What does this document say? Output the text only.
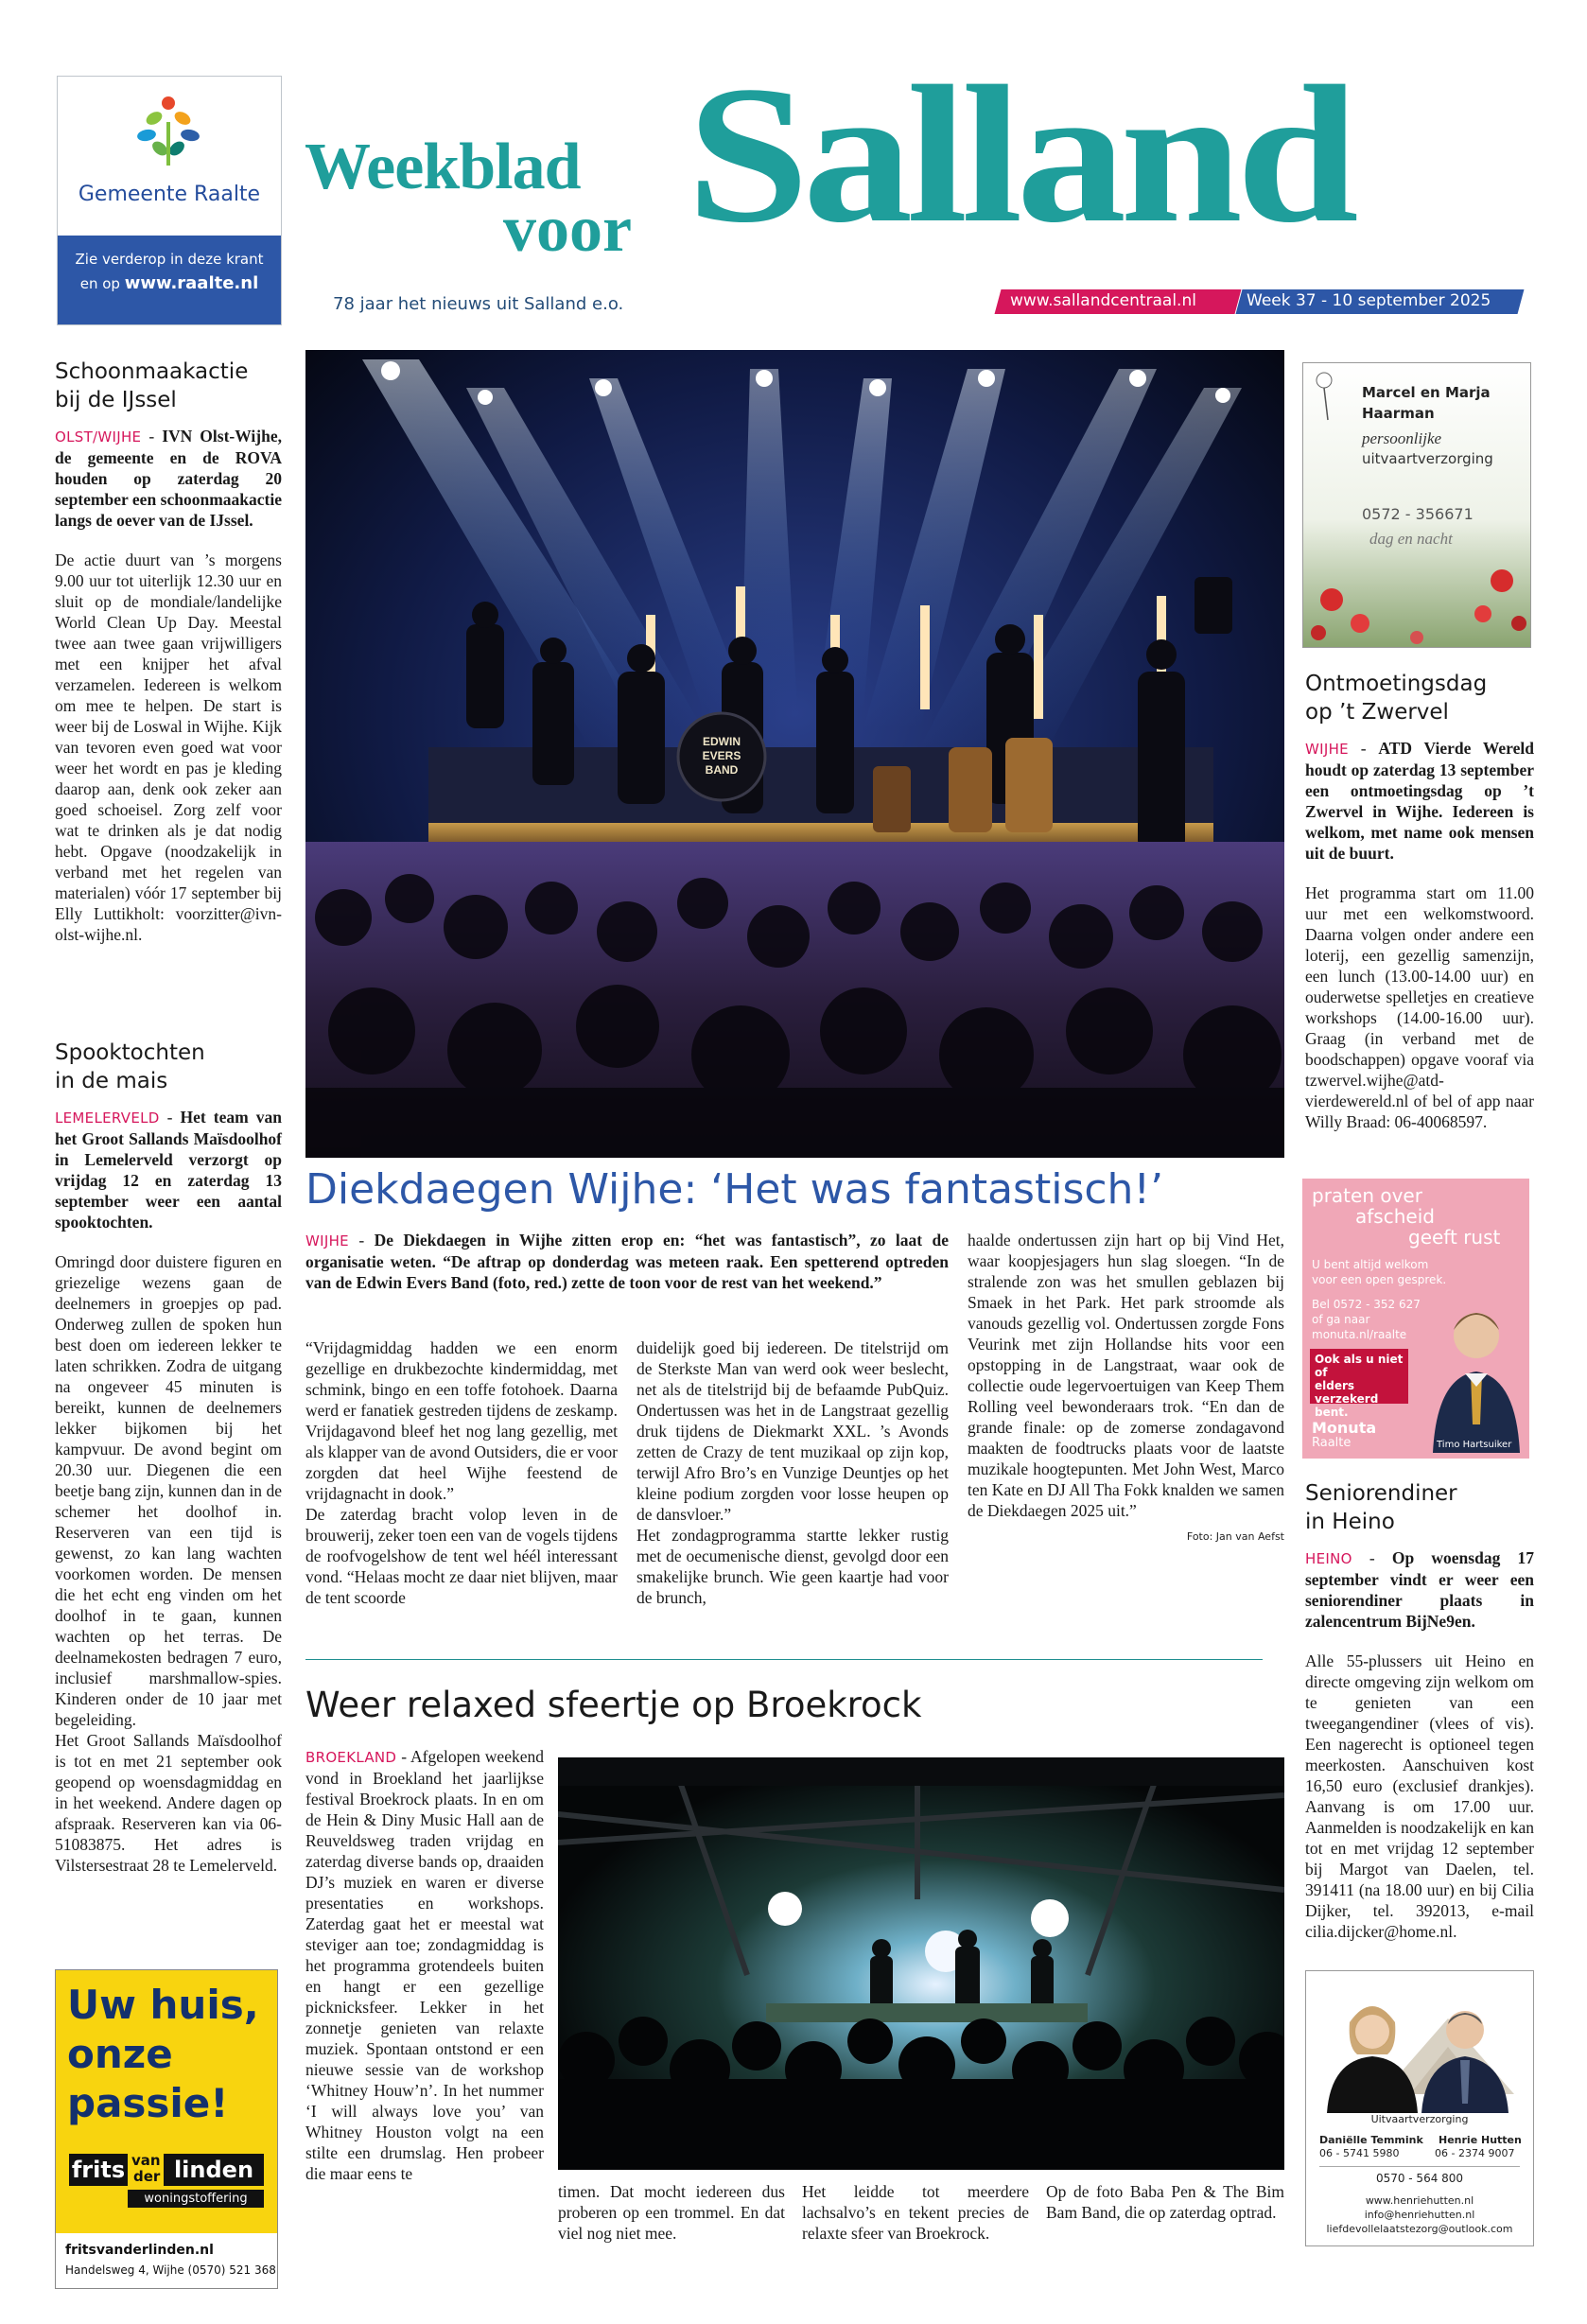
Gemeente Raalte
Zie verderop in deze krant
en op www.raalte.nl
Weekblad
voor Salland
78 jaar het nieuws uit Salland e.o.	www.sallandcentraal.nl	Week 37 - 10 september 2025
Schoonmaakactie bij de IJssel

OLST/WIJHE - IVN Olst-Wijhe, de gemeente en de ROVA houden op zaterdag 20 september een schoonmaakactie langs de oever van de IJssel.

De actie duurt van ’s morgens 9.00 uur tot uiterlijk 12.30 uur en sluit op de mondiale/landelijke World Clean Up Day. Meestal twee aan twee gaan vrijwilligers met een knijper het afval verzamelen. Iedereen is welkom om mee te helpen. De start is weer bij de Loswal in Wijhe. Kijk van tevoren even goed wat voor weer het wordt en pas je kleding daarop aan, denk ook zeker aan goed schoeisel. Zorg zelf voor wat te drinken als je dat nodig hebt. Opgave (noodzakelijk in verband met het regelen van materialen) vóór 17 september bij Elly Luttikholt: voorzitter@ivn-olst-wijhe.nl.

Spooktochten in de mais

LEMELERVELD - Het team van het Groot Sallands Maïsdoolhof in Lemelerveld verzorgt op vrijdag 12 en zaterdag 13 september weer een aantal spooktochten.

Omringd door duistere figuren en griezelige wezens gaan de deelnemers in groepjes op pad. Onderweg zullen de spoken hun best doen om iedereen lekker te laten schrikken. Zodra de uitgang na ongeveer 45 minuten is bereikt, kunnen de deelnemers lekker bijkomen bij het kampvuur. De avond begint om 20.30 uur. Diegenen die een beetje bang zijn, kunnen dan in de schemer het doolhof in. Reserveren van een tijd is gewenst, zo kan lang wachten voorkomen worden. De mensen die het echt eng vinden om het doolhof in te gaan, kunnen wachten op het terras. De deelnamekosten bedragen 7 euro, inclusief marshmallow-spies. Kinderen onder de 10 jaar met begeleiding.

Het Groot Sallands Maïsdoolhof is tot en met 21 september ook geopend op woensdagmiddag en in het weekend. Andere dagen op afspraak. Reserveren kan via 06-51083875. Het adres is Vilstersestraat 28 te Lemelerveld.

Uw huis,
onze
passie!
frits van
der linden
woningstoffering
fritsvanderlinden.nl
Handelsweg 4, Wijhe (0570) 521 368
EDWIN
EVERS
BAND
Diekdaegen Wijhe: ‘Het was fantastisch!’

WIJHE - De Diekdaegen in Wijhe zitten erop en: “het was fantastisch”, zo laat de organisatie weten. “De aftrap op donderdag was meteen raak. Een spetterend optreden van de Edwin Evers Band (foto, red.) zette de toon voor de rest van het weekend.”

“Vrijdagmiddag hadden we een enorm gezellige en drukbezochte kindermiddag, met schmink, bingo en een toffe fotohoek. Daarna werd er fanatiek gestreden tijdens de zeskamp. Vrijdagavond bleef het nog lang gezellig, met als klapper van de avond Outsiders, die er voor zorgden dat heel Wijhe feestend de vrijdagnacht in dook.”

De zaterdag bracht volop leven in de brouwerij, zeker toen een van de vogels tijdens de roofvogelshow de tent wel héél interessant vond. “Helaas mocht ze daar niet blijven, maar de tent scoorde

duidelijk goed bij iedereen. De titelstrijd om de Sterkste Man van werd ook weer beslecht, net als de titelstrijd bij de befaamde PubQuiz. Ondertussen was het in de Langstraat gezellig druk tijdens de Diekmarkt XXL. ’s Avonds zetten de Crazy de tent muzikaal op zijn kop, terwijl Afro Bro’s en Vunzige Deuntjes op het kleine podium zorgden voor losse heupen op de dansvloer.”

Het zondagprogramma startte lekker rustig met de oecumenische dienst, gevolgd door een smakelijke brunch. Wie geen kaartje had voor de brunch,

haalde ondertussen zijn hart op bij Vind Het, waar koopjesjagers hun slag sloegen. “In de stralende zon was het smullen geblazen bij Smaek in het Park. Het park stroomde als vanouds gezellig vol. Ondertussen zorgde Fons Veurink met zijn Hollandse hits voor een opstopping in de Langstraat, waar ook de collectie oude legervoertuigen van Keep Them Rolling veel bewonderaars trok. “En dan de grande finale: op de zomerse zondagavond maakten de foodtrucks plaats voor de laatste muzikale hoogtepunten. Met John West, Marco ten Kate en DJ All Tha Fokk knalden we samen de Diekdaegen 2025 uit.”

Foto: Jan van Aefst
Weer relaxed sfeertje op Broekrock

BROEKLAND - Afgelopen weekend vond in Broekland het jaarlijkse festival Broekrock plaats. In en om de Hein & Diny Music Hall aan de Reuveldsweg traden vrijdag en zaterdag diverse bands op, draaiden DJ’s muziek en waren er diverse presentaties en workshops. Zaterdag gaat het er meestal wat steviger aan toe; zondagmiddag is het programma grotendeels buiten en hangt er een gezellige picknicksfeer. Lekker in het zonnetje genieten van relaxte muziek. Spontaan ontstond er een nieuwe sessie van de workshop ‘Whitney Houw’n’. In het nummer ‘I will always love you’ van Whitney Houston volgt na een stilte een drumslag. Hen probeer die maar eens te

timen. Dat mocht iedereen dus proberen op een trommel. En dat viel nog niet mee.

Het leidde tot meerdere lachsalvo’s en tekent precies de relaxte sfeer van Broekrock.

Op de foto Baba Pen & The Bim Bam Band, die op zaterdag optrad.

Marcel en Marja
Haarman
persoonlijke
uitvaartverzorging
0572 - 356671
dag en nacht
Ontmoetingsdag op ’t Zwervel

WIJHE - ATD Vierde Wereld houdt op zaterdag 13 september een ontmoetingsdag op ’t Zwervel in Wijhe. Iedereen is welkom, met name ook mensen uit de buurt.

Het programma start om 11.00 uur met een welkomstwoord. Daarna volgen onder andere een loterij, een gezellig samenzijn, een lunch (13.00-14.00 uur) en ouderwetse spelletjes en creatieve workshops (14.00-16.00 uur). Graag (in verband met de boodschappen) opgave vooraf via tzwervel.wijhe@atd-vierdewereld.nl of bel of app naar Willy Braad: 06-40068597.

praten over
afscheid
geeft rust
U bent altijd welkom
voor een open gesprek.
Bel 0572 - 352 627
of ga naar
monuta.nl/raalte
Ook als u niet of
elders verzekerd
bent.
Monuta
Raalte	Timo Hartsuiker
Seniorendiner in Heino

HEINO - Op woensdag 17 september vindt er weer een seniorendiner plaats in zalencentrum BijNe9en.

Alle 55-plussers uit Heino en directe omgeving zijn welkom om te genieten van een tweegangendiner (vlees of vis). Een nagerecht is optioneel tegen meerkosten. Aanschuiven kost 16,50 euro (exclusief drankjes). Aanvang is om 17.00 uur. Aanmelden is noodzakelijk en kan tot en met vrijdag 12 september bij Margot van Daelen, tel. 391411 (na 18.00 uur) en bij Cilia Dijker, tel. 392013, e-mail cilia.dijcker@home.nl.

Uitvaartverzorging
Daniëlle Temmink
06 - 5741 5980
Henrie Hutten
06 - 2374 9007
0570 - 564 800
www.henriehutten.nl
info@henriehutten.nl
liefdevollelaatstezorg@outlook.com
